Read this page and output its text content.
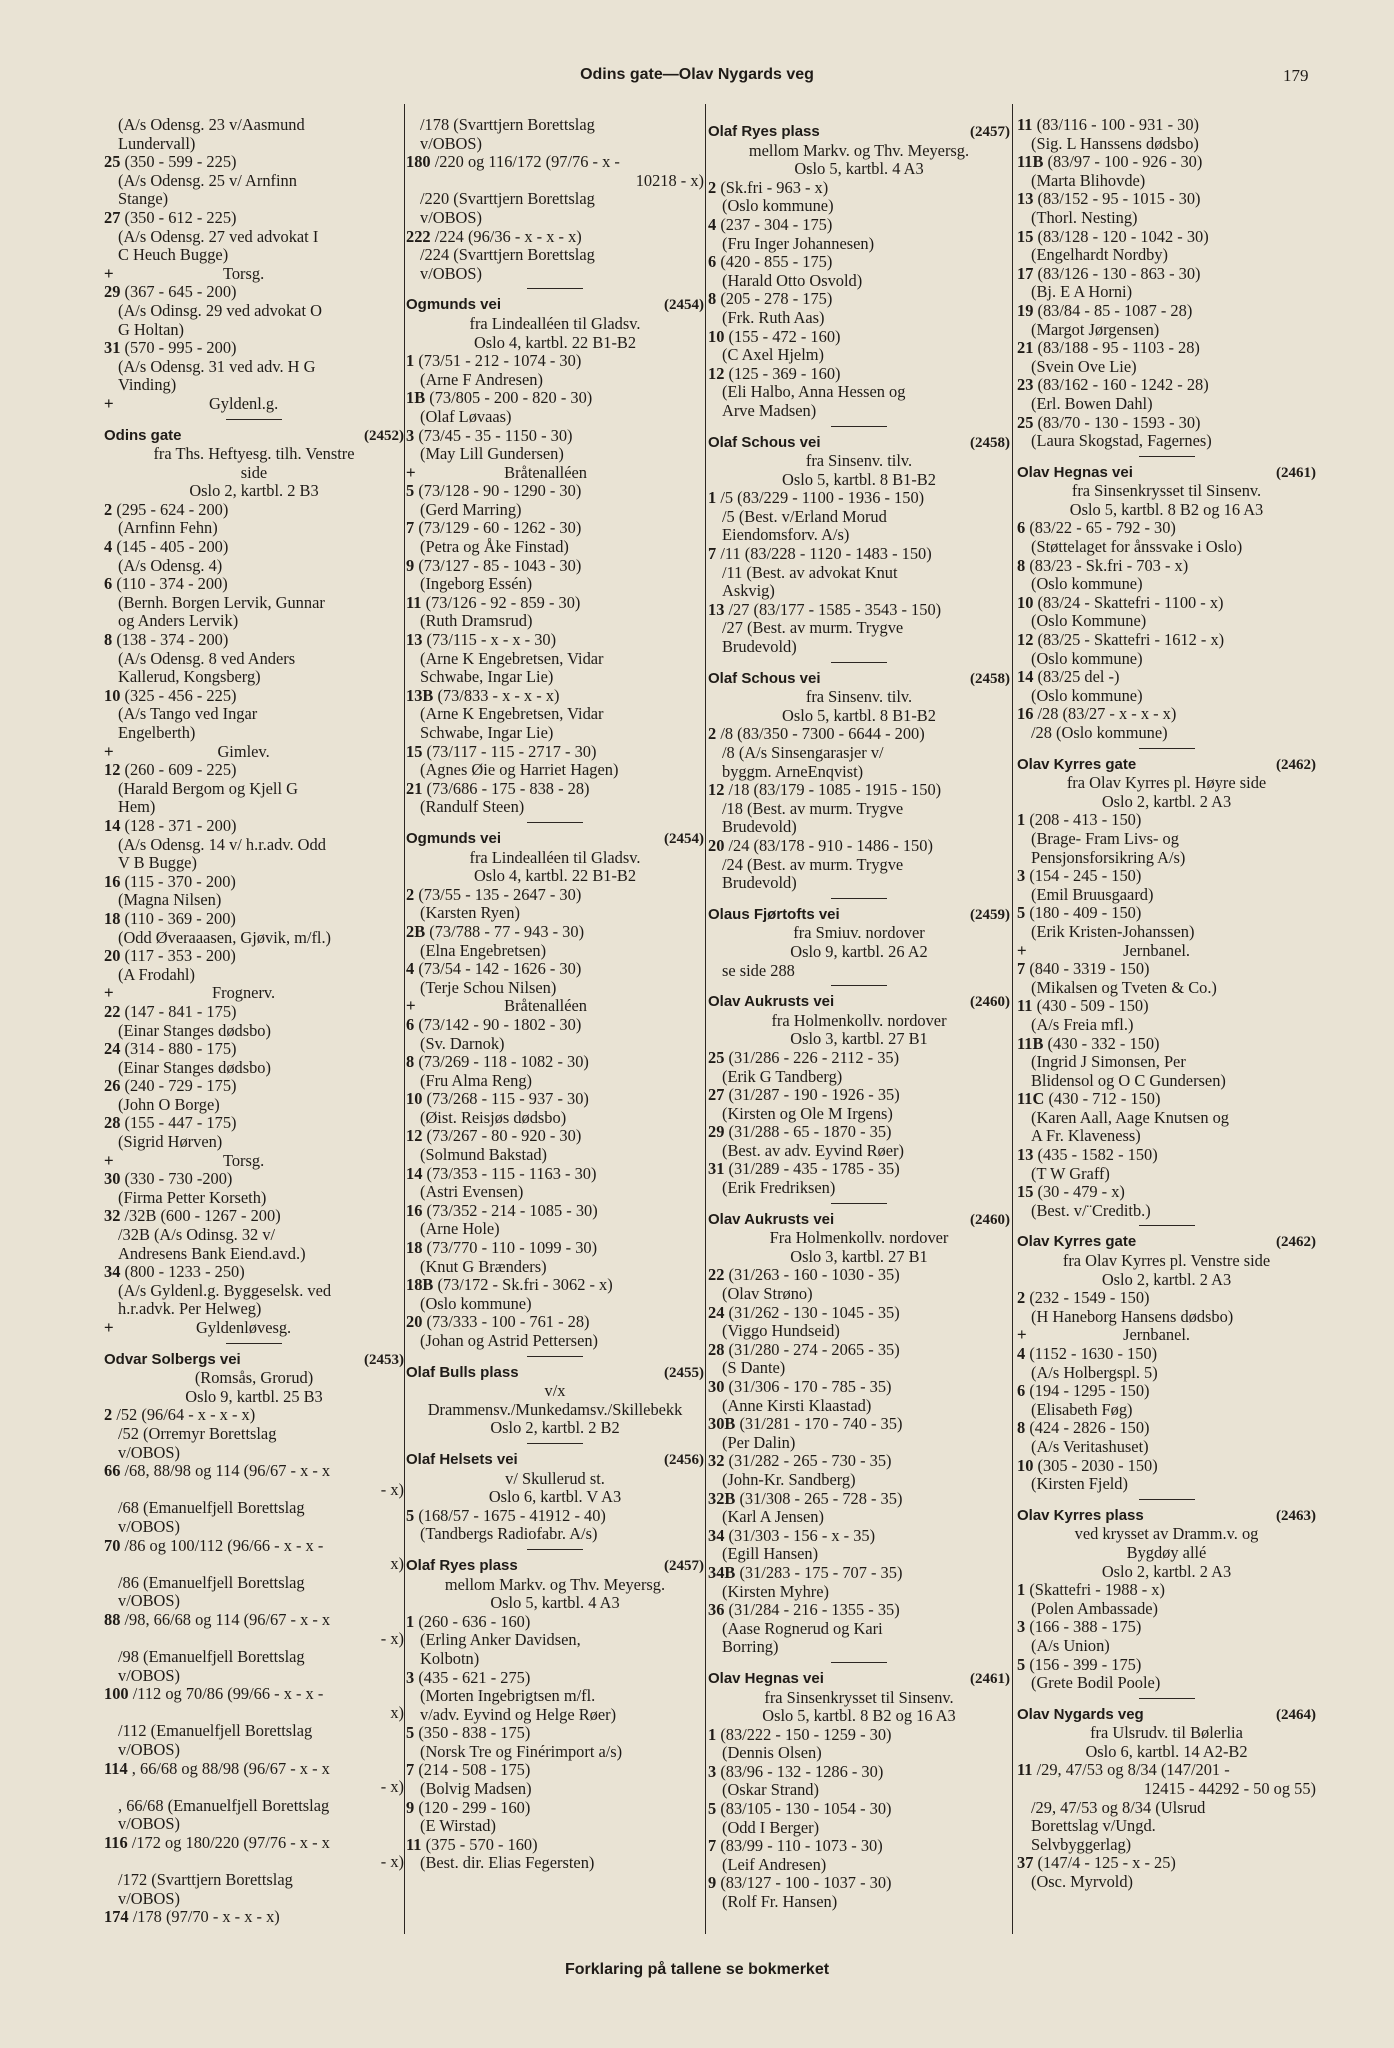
Odins gate—Olav Nygards veg	179
(A/s Odensg. 23 v/Aasmund
Lundervall)
25 (350 - 599 - 225)
(A/s Odensg. 25 v/ Arnfinn
Stange)
27 (350 - 612 - 225)
(A/s Odensg. 27 ved advokat I
C Heuch Bugge)
+	Torsg.
29 (367 - 645 - 200)
(A/s Odinsg. 29 ved advokat O
G Holtan)
31 (570 - 995 - 200)
(A/s Odensg. 31 ved adv. H G
Vinding)
+	Gyldenl.g.
Odins gate	(2452)
fra Ths. Heftyesg. tilh. Venstre
side
Oslo 2, kartbl. 2 B3
2 (295 - 624 - 200)
(Arnfinn Fehn)
4 (145 - 405 - 200)
(A/s Odensg. 4)
6 (110 - 374 - 200)
(Bernh. Borgen Lervik, Gunnar
og Anders Lervik)
8 (138 - 374 - 200)
(A/s Odensg. 8 ved Anders
Kallerud, Kongsberg)
10 (325 - 456 - 225)
(A/s Tango ved Ingar
Engelberth)
+	Gimlev.
12 (260 - 609 - 225)
(Harald Bergom og Kjell G
Hem)
14 (128 - 371 - 200)
(A/s Odensg. 14 v/ h.r.adv. Odd
V B Bugge)
16 (115 - 370 - 200)
(Magna Nilsen)
18 (110 - 369 - 200)
(Odd Øveraaasen, Gjøvik, m/fl.)
20 (117 - 353 - 200)
(A Frodahl)
+	Frognerv.
22 (147 - 841 - 175)
(Einar Stanges dødsbo)
24 (314 - 880 - 175)
(Einar Stanges dødsbo)
26 (240 - 729 - 175)
(John O Borge)
28 (155 - 447 - 175)
(Sigrid Hørven)
+	Torsg.
30 (330 - 730 -200)
(Firma Petter Korseth)
32 /32B (600 - 1267 - 200)
/32B (A/s Odinsg. 32 v/
Andresens Bank Eiend.avd.)
34 (800 - 1233 - 250)
(A/s Gyldenl.g. Byggeselsk. ved
h.r.advk. Per Helweg)
+	Gyldenløvesg.
Odvar Solbergs vei	(2453)
(Romsås, Grorud)
Oslo 9, kartbl. 25 B3
2 /52 (96/64 - x - x - x)
/52 (Orremyr Borettslag
v/OBOS)
66 /68, 88/98 og 114 (96/67 - x - x
- x)
/68 (Emanuelfjell Borettslag
v/OBOS)
70 /86 og 100/112 (96/66 - x - x -
x)
/86 (Emanuelfjell Borettslag
v/OBOS)
88 /98, 66/68 og 114 (96/67 - x - x
- x)
/98 (Emanuelfjell Borettslag
v/OBOS)
100 /112 og 70/86 (99/66 - x - x -
x)
/112 (Emanuelfjell Borettslag
v/OBOS)
114 , 66/68 og 88/98 (96/67 - x - x
- x)
, 66/68 (Emanuelfjell Borettslag
v/OBOS)
116 /172 og 180/220 (97/76 - x - x
- x)
/172 (Svarttjern Borettslag
v/OBOS)
174 /178 (97/70 - x - x - x)
/178 (Svarttjern Borettslag
v/OBOS)
180 /220 og 116/172 (97/76 - x -
10218 - x)
/220 (Svarttjern Borettslag
v/OBOS)
222 /224 (96/36 - x - x - x)
/224 (Svarttjern Borettslag
v/OBOS)
Ogmunds vei	(2454)
fra Lindealléen til Gladsv.
Oslo 4, kartbl. 22 B1-B2
1 (73/51 - 212 - 1074 - 30)
(Arne F Andresen)
1B (73/805 - 200 - 820 - 30)
(Olaf Løvaas)
3 (73/45 - 35 - 1150 - 30)
(May Lill Gundersen)
+	Bråtenalléen
5 (73/128 - 90 - 1290 - 30)
(Gerd Marring)
7 (73/129 - 60 - 1262 - 30)
(Petra og Åke Finstad)
9 (73/127 - 85 - 1043 - 30)
(Ingeborg Essén)
11 (73/126 - 92 - 859 - 30)
(Ruth Dramsrud)
13 (73/115 - x - x - 30)
(Arne K Engebretsen, Vidar
Schwabe, Ingar Lie)
13B (73/833 - x - x - x)
(Arne K Engebretsen, Vidar
Schwabe, Ingar Lie)
15 (73/117 - 115 - 2717 - 30)
(Agnes Øie og Harriet Hagen)
21 (73/686 - 175 - 838 - 28)
(Randulf Steen)
Ogmunds vei	(2454)
fra Lindealléen til Gladsv.
Oslo 4, kartbl. 22 B1-B2
2 (73/55 - 135 - 2647 - 30)
(Karsten Ryen)
2B (73/788 - 77 - 943 - 30)
(Elna Engebretsen)
4 (73/54 - 142 - 1626 - 30)
(Terje Schou Nilsen)
+	Bråtenalléen
6 (73/142 - 90 - 1802 - 30)
(Sv. Darnok)
8 (73/269 - 118 - 1082 - 30)
(Fru Alma Reng)
10 (73/268 - 115 - 937 - 30)
(Øist. Reisjøs dødsbo)
12 (73/267 - 80 - 920 - 30)
(Solmund Bakstad)
14 (73/353 - 115 - 1163 - 30)
(Astri Evensen)
16 (73/352 - 214 - 1085 - 30)
(Arne Hole)
18 (73/770 - 110 - 1099 - 30)
(Knut G Brænders)
18B (73/172 - Sk.fri - 3062 - x)
(Oslo kommune)
20 (73/333 - 100 - 761 - 28)
(Johan og Astrid Pettersen)
Olaf Bulls plass	(2455)
v/x
Drammensv./Munkedamsv./Skillebekk
Oslo 2, kartbl. 2 B2
Olaf Helsets vei	(2456)
v/ Skullerud st.
Oslo 6, kartbl. V A3
5 (168/57 - 1675 - 41912 - 40)
(Tandbergs Radiofabr. A/s)
Olaf Ryes plass	(2457)
mellom Markv. og Thv. Meyersg.
Oslo 5, kartbl. 4 A3
1 (260 - 636 - 160)
(Erling Anker Davidsen,
Kolbotn)
3 (435 - 621 - 275)
(Morten Ingebrigtsen m/fl.
v/adv. Eyvind og Helge Røer)
5 (350 - 838 - 175)
(Norsk Tre og Finérimport a/s)
7 (214 - 508 - 175)
(Bolvig Madsen)
9 (120 - 299 - 160)
(E Wirstad)
11 (375 - 570 - 160)
(Best. dir. Elias Fegersten)
Olaf Ryes plass	(2457)
mellom Markv. og Thv. Meyersg.
Oslo 5, kartbl. 4 A3
2 (Sk.fri - 963 - x)
(Oslo kommune)
4 (237 - 304 - 175)
(Fru Inger Johannesen)
6 (420 - 855 - 175)
(Harald Otto Osvold)
8 (205 - 278 - 175)
(Frk. Ruth Aas)
10 (155 - 472 - 160)
(C Axel Hjelm)
12 (125 - 369 - 160)
(Eli Halbo, Anna Hessen og
Arve Madsen)
Olaf Schous vei	(2458)
fra Sinsenv. tilv.
Oslo 5, kartbl. 8 B1-B2
1 /5 (83/229 - 1100 - 1936 - 150)
/5 (Best. v/Erland Morud
Eiendomsforv. A/s)
7 /11 (83/228 - 1120 - 1483 - 150)
/11 (Best. av advokat Knut
Askvig)
13 /27 (83/177 - 1585 - 3543 - 150)
/27 (Best. av murm. Trygve
Brudevold)
Olaf Schous vei	(2458)
fra Sinsenv. tilv.
Oslo 5, kartbl. 8 B1-B2
2 /8 (83/350 - 7300 - 6644 - 200)
/8 (A/s Sinsengarasjer v/
byggm. ArneEnqvist)
12 /18 (83/179 - 1085 - 1915 - 150)
/18 (Best. av murm. Trygve
Brudevold)
20 /24 (83/178 - 910 - 1486 - 150)
/24 (Best. av murm. Trygve
Brudevold)
Olaus Fjørtofts vei	(2459)
fra Smiuv. nordover
Oslo 9, kartbl. 26 A2
se side 288
Olav Aukrusts vei	(2460)
fra Holmenkollv. nordover
Oslo 3, kartbl. 27 B1
25 (31/286 - 226 - 2112 - 35)
(Erik G Tandberg)
27 (31/287 - 190 - 1926 - 35)
(Kirsten og Ole M Irgens)
29 (31/288 - 65 - 1870 - 35)
(Best. av adv. Eyvind Røer)
31 (31/289 - 435 - 1785 - 35)
(Erik Fredriksen)
Olav Aukrusts vei	(2460)
Fra Holmenkollv. nordover
Oslo 3, kartbl. 27 B1
22 (31/263 - 160 - 1030 - 35)
(Olav Strøno)
24 (31/262 - 130 - 1045 - 35)
(Viggo Hundseid)
28 (31/280 - 274 - 2065 - 35)
(S Dante)
30 (31/306 - 170 - 785 - 35)
(Anne Kirsti Klaastad)
30B (31/281 - 170 - 740 - 35)
(Per Dalin)
32 (31/282 - 265 - 730 - 35)
(John-Kr. Sandberg)
32B (31/308 - 265 - 728 - 35)
(Karl A Jensen)
34 (31/303 - 156 - x - 35)
(Egill Hansen)
34B (31/283 - 175 - 707 - 35)
(Kirsten Myhre)
36 (31/284 - 216 - 1355 - 35)
(Aase Rognerud og Kari
Borring)
Olav Hegnas vei	(2461)
fra Sinsenkrysset til Sinsenv.
Oslo 5, kartbl. 8 B2 og 16 A3
1 (83/222 - 150 - 1259 - 30)
(Dennis Olsen)
3 (83/96 - 132 - 1286 - 30)
(Oskar Strand)
5 (83/105 - 130 - 1054 - 30)
(Odd I Berger)
7 (83/99 - 110 - 1073 - 30)
(Leif Andresen)
9 (83/127 - 100 - 1037 - 30)
(Rolf Fr. Hansen)
11 (83/116 - 100 - 931 - 30)
(Sig. L Hanssens dødsbo)
11B (83/97 - 100 - 926 - 30)
(Marta Blihovde)
13 (83/152 - 95 - 1015 - 30)
(Thorl. Nesting)
15 (83/128 - 120 - 1042 - 30)
(Engelhardt Nordby)
17 (83/126 - 130 - 863 - 30)
(Bj. E A Horni)
19 (83/84 - 85 - 1087 - 28)
(Margot Jørgensen)
21 (83/188 - 95 - 1103 - 28)
(Svein Ove Lie)
23 (83/162 - 160 - 1242 - 28)
(Erl. Bowen Dahl)
25 (83/70 - 130 - 1593 - 30)
(Laura Skogstad, Fagernes)
Olav Hegnas vei	(2461)
fra Sinsenkrysset til Sinsenv.
Oslo 5, kartbl. 8 B2 og 16 A3
6 (83/22 - 65 - 792 - 30)
(Støttelaget for ånssvake i Oslo)
8 (83/23 - Sk.fri - 703 - x)
(Oslo kommune)
10 (83/24 - Skattefri - 1100 - x)
(Oslo Kommune)
12 (83/25 - Skattefri - 1612 - x)
(Oslo kommune)
14 (83/25 del -)
(Oslo kommune)
16 /28 (83/27 - x - x - x)
/28 (Oslo kommune)
Olav Kyrres gate	(2462)
fra Olav Kyrres pl. Høyre side
Oslo 2, kartbl. 2 A3
1 (208 - 413 - 150)
(Brage- Fram Livs- og
Pensjonsforsikring A/s)
3 (154 - 245 - 150)
(Emil Bruusgaard)
5 (180 - 409 - 150)
(Erik Kristen-Johanssen)
+	Jernbanel.
7 (840 - 3319 - 150)
(Mikalsen og Tveten & Co.)
11 (430 - 509 - 150)
(A/s Freia mfl.)
11B (430 - 332 - 150)
(Ingrid J Simonsen, Per
Blidensol og O C Gundersen)
11C (430 - 712 - 150)
(Karen Aall, Aage Knutsen og
A Fr. Klaveness)
13 (435 - 1582 - 150)
(T W Graff)
15 (30 - 479 - x)
(Best. v/¨Creditb.)
Olav Kyrres gate	(2462)
fra Olav Kyrres pl. Venstre side
Oslo 2, kartbl. 2 A3
2 (232 - 1549 - 150)
(H Haneborg Hansens dødsbo)
+	Jernbanel.
4 (1152 - 1630 - 150)
(A/s Holbergspl. 5)
6 (194 - 1295 - 150)
(Elisabeth Føg)
8 (424 - 2826 - 150)
(A/s Veritashuset)
10 (305 - 2030 - 150)
(Kirsten Fjeld)
Olav Kyrres plass	(2463)
ved krysset av Dramm.v. og
Bygdøy allé
Oslo 2, kartbl. 2 A3
1 (Skattefri - 1988 - x)
(Polen Ambassade)
3 (166 - 388 - 175)
(A/s Union)
5 (156 - 399 - 175)
(Grete Bodil Poole)
Olav Nygards veg	(2464)
fra Ulsrudv. til Bølerlia
Oslo 6, kartbl. 14 A2-B2
11 /29, 47/53 og 8/34 (147/201 -
12415 - 44292 - 50 og 55)
/29, 47/53 og 8/34 (Ulsrud
Borettslag v/Ungd.
Selvbyggerlag)
37 (147/4 - 125 - x - 25)
(Osc. Myrvold)
Forklaring på tallene se bokmerket
